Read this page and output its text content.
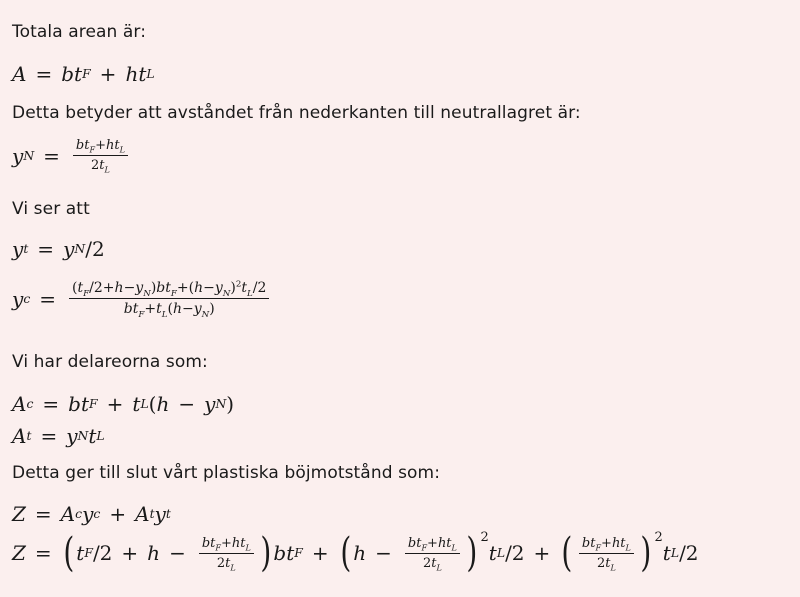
Totala arean är:
A = bt F + ht L
Detta betyder att avståndet från nederkanten till neutrallagret är:
y $N = \frac{bt_F+ht_L}{2t_L}$
Vi ser att
y t = y N /2
y $c = \frac{(t_F/2+h-y_N)bt_F+(h-y_N)^2t_L/2}{bt_F+t_L(h-y_N)}$
Vi har delareorna som:
A c = bt F + t L ( h − y N )
A t = y N t L
Detta ger till slut vårt plastiska böjmotstånd som:
Z = A c y c + A t y t
Z = ( t F $/2 + h - \frac{bt_F+ht_L}{2t_L}$ ) bt F + ( $h - \frac{bt_F+ht_L}{2t_L}$ ) 2
t L /2 + ( $\frac{bt_F+ht_L}{2t_L}$ ) 2
t L /2
